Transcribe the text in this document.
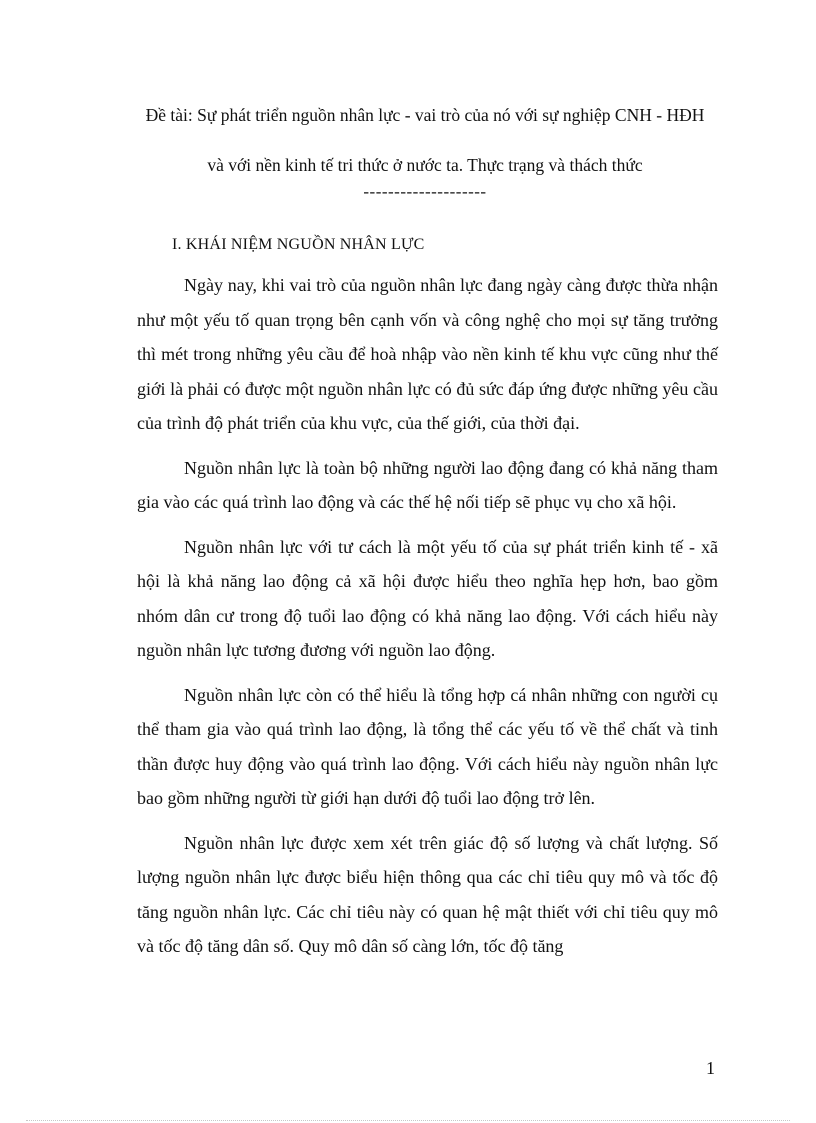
Đề tài: Sự phát triển nguồn nhân lực - vai trò của nó với sự nghiệp CNH - HĐH
và với nền kinh tế tri thức ở nước ta. Thực trạng và thách thức
--------------------
I. KHÁI NIỆM NGUỒN NHÂN LỰC

Ngày nay, khi vai trò của nguồn nhân lực đang ngày càng được thừa nhận như một yếu tố quan trọng bên cạnh vốn và công nghệ cho mọi sự tăng trưởng thì mét trong những yêu cầu để hoà nhập vào nền kinh tế khu vực cũng như thế giới là phải có được một nguồn nhân lực có đủ sức đáp ứng được những yêu cầu của trình độ phát triển của khu vực, của thế giới, của thời đại.

Nguồn nhân lực là toàn bộ những người lao động đang có khả năng tham gia vào các quá trình lao động và các thế hệ nối tiếp sẽ phục vụ cho xã hội.

Nguồn nhân lực với tư cách là một yếu tố của sự phát triển kinh tế - xã hội là khả năng lao động cả xã hội được hiểu theo nghĩa hẹp hơn, bao gồm nhóm dân cư trong độ tuổi lao động có khả năng lao động. Với cách hiểu này nguồn nhân lực tương đương với nguồn lao động.

Nguồn nhân lực còn có thể hiểu là tổng hợp cá nhân những con người cụ thể tham gia vào quá trình lao động, là tổng thể các yếu tố về thể chất và tinh thần được huy động vào quá trình lao động. Với cách hiểu này nguồn nhân lực bao gồm những người từ giới hạn dưới độ tuổi lao động trở lên.

Nguồn nhân lực được xem xét trên giác độ số lượng và chất lượng. Số lượng nguồn nhân lực được biểu hiện thông qua các chỉ tiêu quy mô và tốc độ tăng nguồn nhân lực. Các chỉ tiêu này có quan hệ mật thiết với chỉ tiêu quy mô và tốc độ tăng dân số. Quy mô dân số càng lớn, tốc độ tăng

1
